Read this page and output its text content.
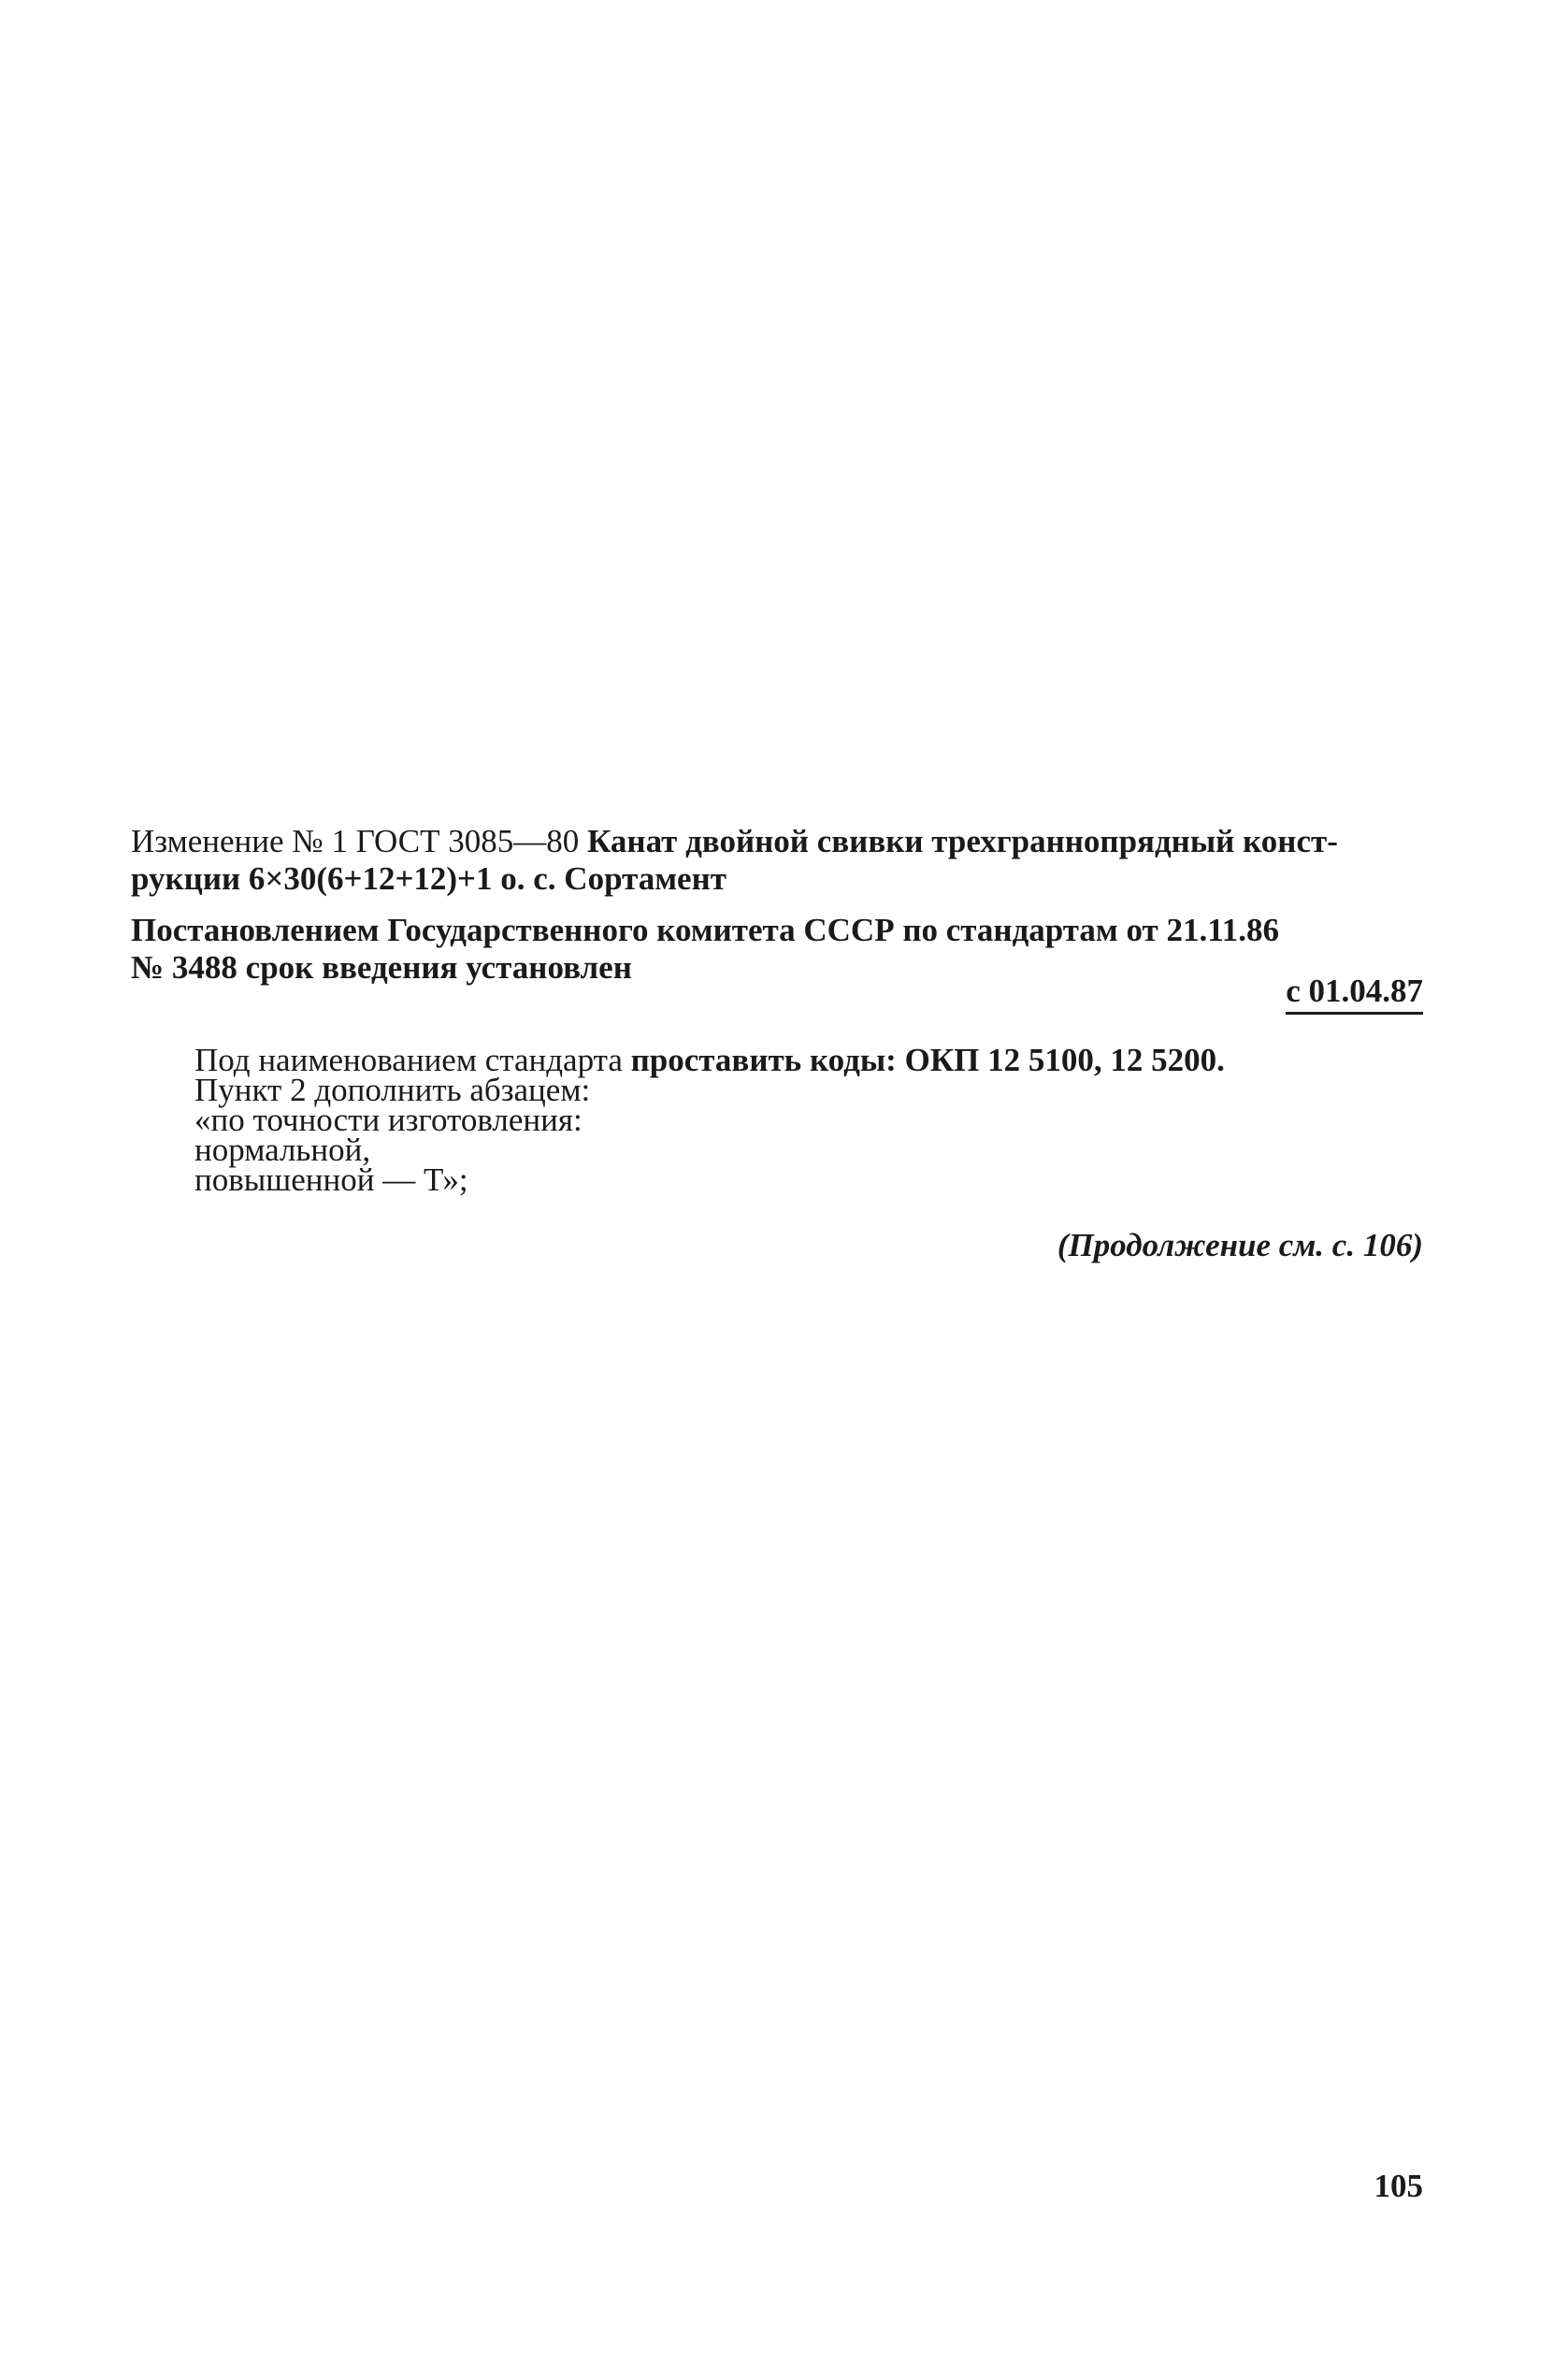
Изменение № 1 ГОСТ 3085—80 Канат двойной свивки трехграннопрядный конст-
рукции 6×30(6+12+12)+1 о. с. Сортамент
Постановлением Государственного комитета СССР по стандартам от 21.11.86
№ 3488 срок введения установлен
с 01.04.87

Под наименованием стандарта проставить коды: ОКП 12 5100, 12 5200.

Пункт 2 дополнить абзацем:

«по точности изготовления:

нормальной,

повышенной — Т»;

(Продолжение см. с. 106)
105
